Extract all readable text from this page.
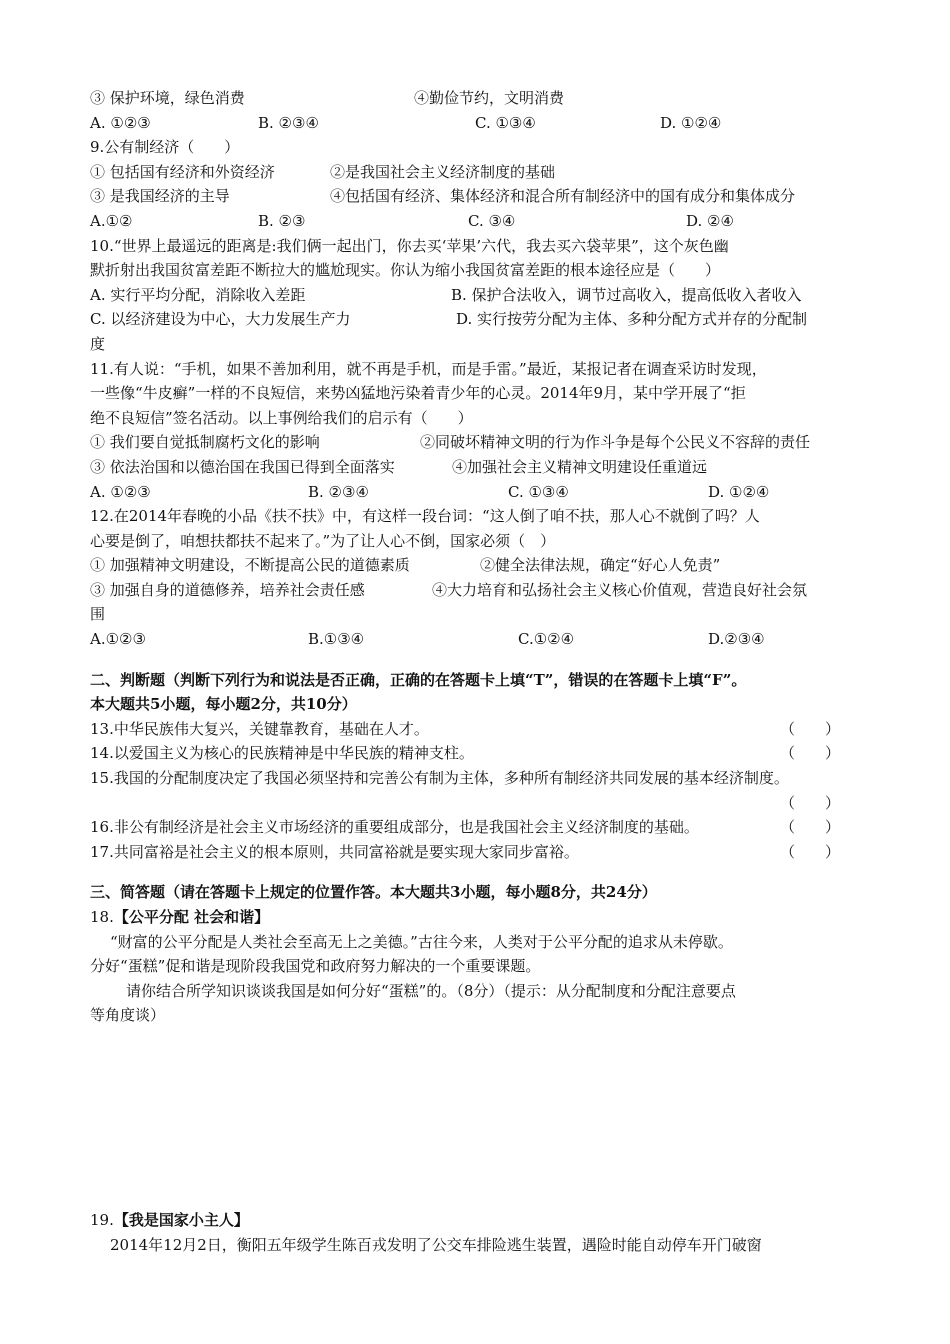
③ 保护环境，绿色消费	④勤俭节约，文明消费
A. ①②③	B. ②③④	C. ①③④	D. ①②④
9.公有制经济（　　）
① 包括国有经济和外资经济	②是我国社会主义经济制度的基础
③ 是我国经济的主导	④包括国有经济、集体经济和混合所有制经济中的国有成分和集体成分
A.①②	B. ②③	C. ③④	D. ②④
10.“世界上最遥远的距离是:我们俩一起出门，你去买‘苹果’六代，我去买六袋苹果”，这个灰色幽
默折射出我国贫富差距不断拉大的尴尬现实。你认为缩小我国贫富差距的根本途径应是（　　）
A. 实行平均分配，消除收入差距	B. 保护合法收入，调节过高收入，提高低收入者收入
C. 以经济建设为中心，大力发展生产力	D. 实行按劳分配为主体、多种分配方式并存的分配制
度
11.有人说：“手机，如果不善加利用，就不再是手机，而是手雷。”最近，某报记者在调查采访时发现，
一些像“牛皮癣”一样的不良短信，来势凶猛地污染着青少年的心灵。2014年9月，某中学开展了“拒
绝不良短信”签名活动。以上事例给我们的启示有（　　）
① 我们要自觉抵制腐朽文化的影响	②同破坏精神文明的行为作斗争是每个公民义不容辞的责任
③ 依法治国和以德治国在我国已得到全面落实	④加强社会主义精神文明建设任重道远
A. ①②③	B. ②③④	C. ①③④	D. ①②④
12.在2014年春晚的小品《扶不扶》中，有这样一段台词：“这人倒了咱不扶，那人心不就倒了吗？人
心要是倒了，咱想扶都扶不起来了。”为了让人心不倒，国家必须（　）
① 加强精神文明建设，不断提高公民的道德素质	②健全法律法规，确定“好心人免责”
③ 加强自身的道德修养，培养社会责任感	④大力培育和弘扬社会主义核心价值观，营造良好社会氛
围
A.①②③	B.①③④	C.①②④	D.②③④
二、判断题（判断下列行为和说法是否正确，正确的在答题卡上填“T”，错误的在答题卡上填“F”。
本大题共5小题，每小题2分，共10分）
13.中华民族伟大复兴，关键靠教育，基础在人才。	（　　）
14.以爱国主义为核心的民族精神是中华民族的精神支柱。	（　　）
15.我国的分配制度决定了我国必须坚持和完善公有制为主体，多种所有制经济共同发展的基本经济制度。
（　　）
16.非公有制经济是社会主义市场经济的重要组成部分，也是我国社会主义经济制度的基础。	（　　）
17.共同富裕是社会主义的根本原则，共同富裕就是要实现大家同步富裕。	（　　）
三、简答题（请在答题卡上规定的位置作答。本大题共3小题，每小题8分，共24分）
18.【公平分配 社会和谐】
“财富的公平分配是人类社会至高无上之美德。”古往今来，人类对于公平分配的追求从未停歇。
分好“蛋糕”促和谐是现阶段我国党和政府努力解决的一个重要课题。
请你结合所学知识谈谈我国是如何分好“蛋糕”的。（8分）（提示：从分配制度和分配注意要点
等角度谈）
19.【我是国家小主人】
2014年12月2日，衡阳五年级学生陈百戎发明了公交车排险逃生装置，遇险时能自动停车开门破窗
